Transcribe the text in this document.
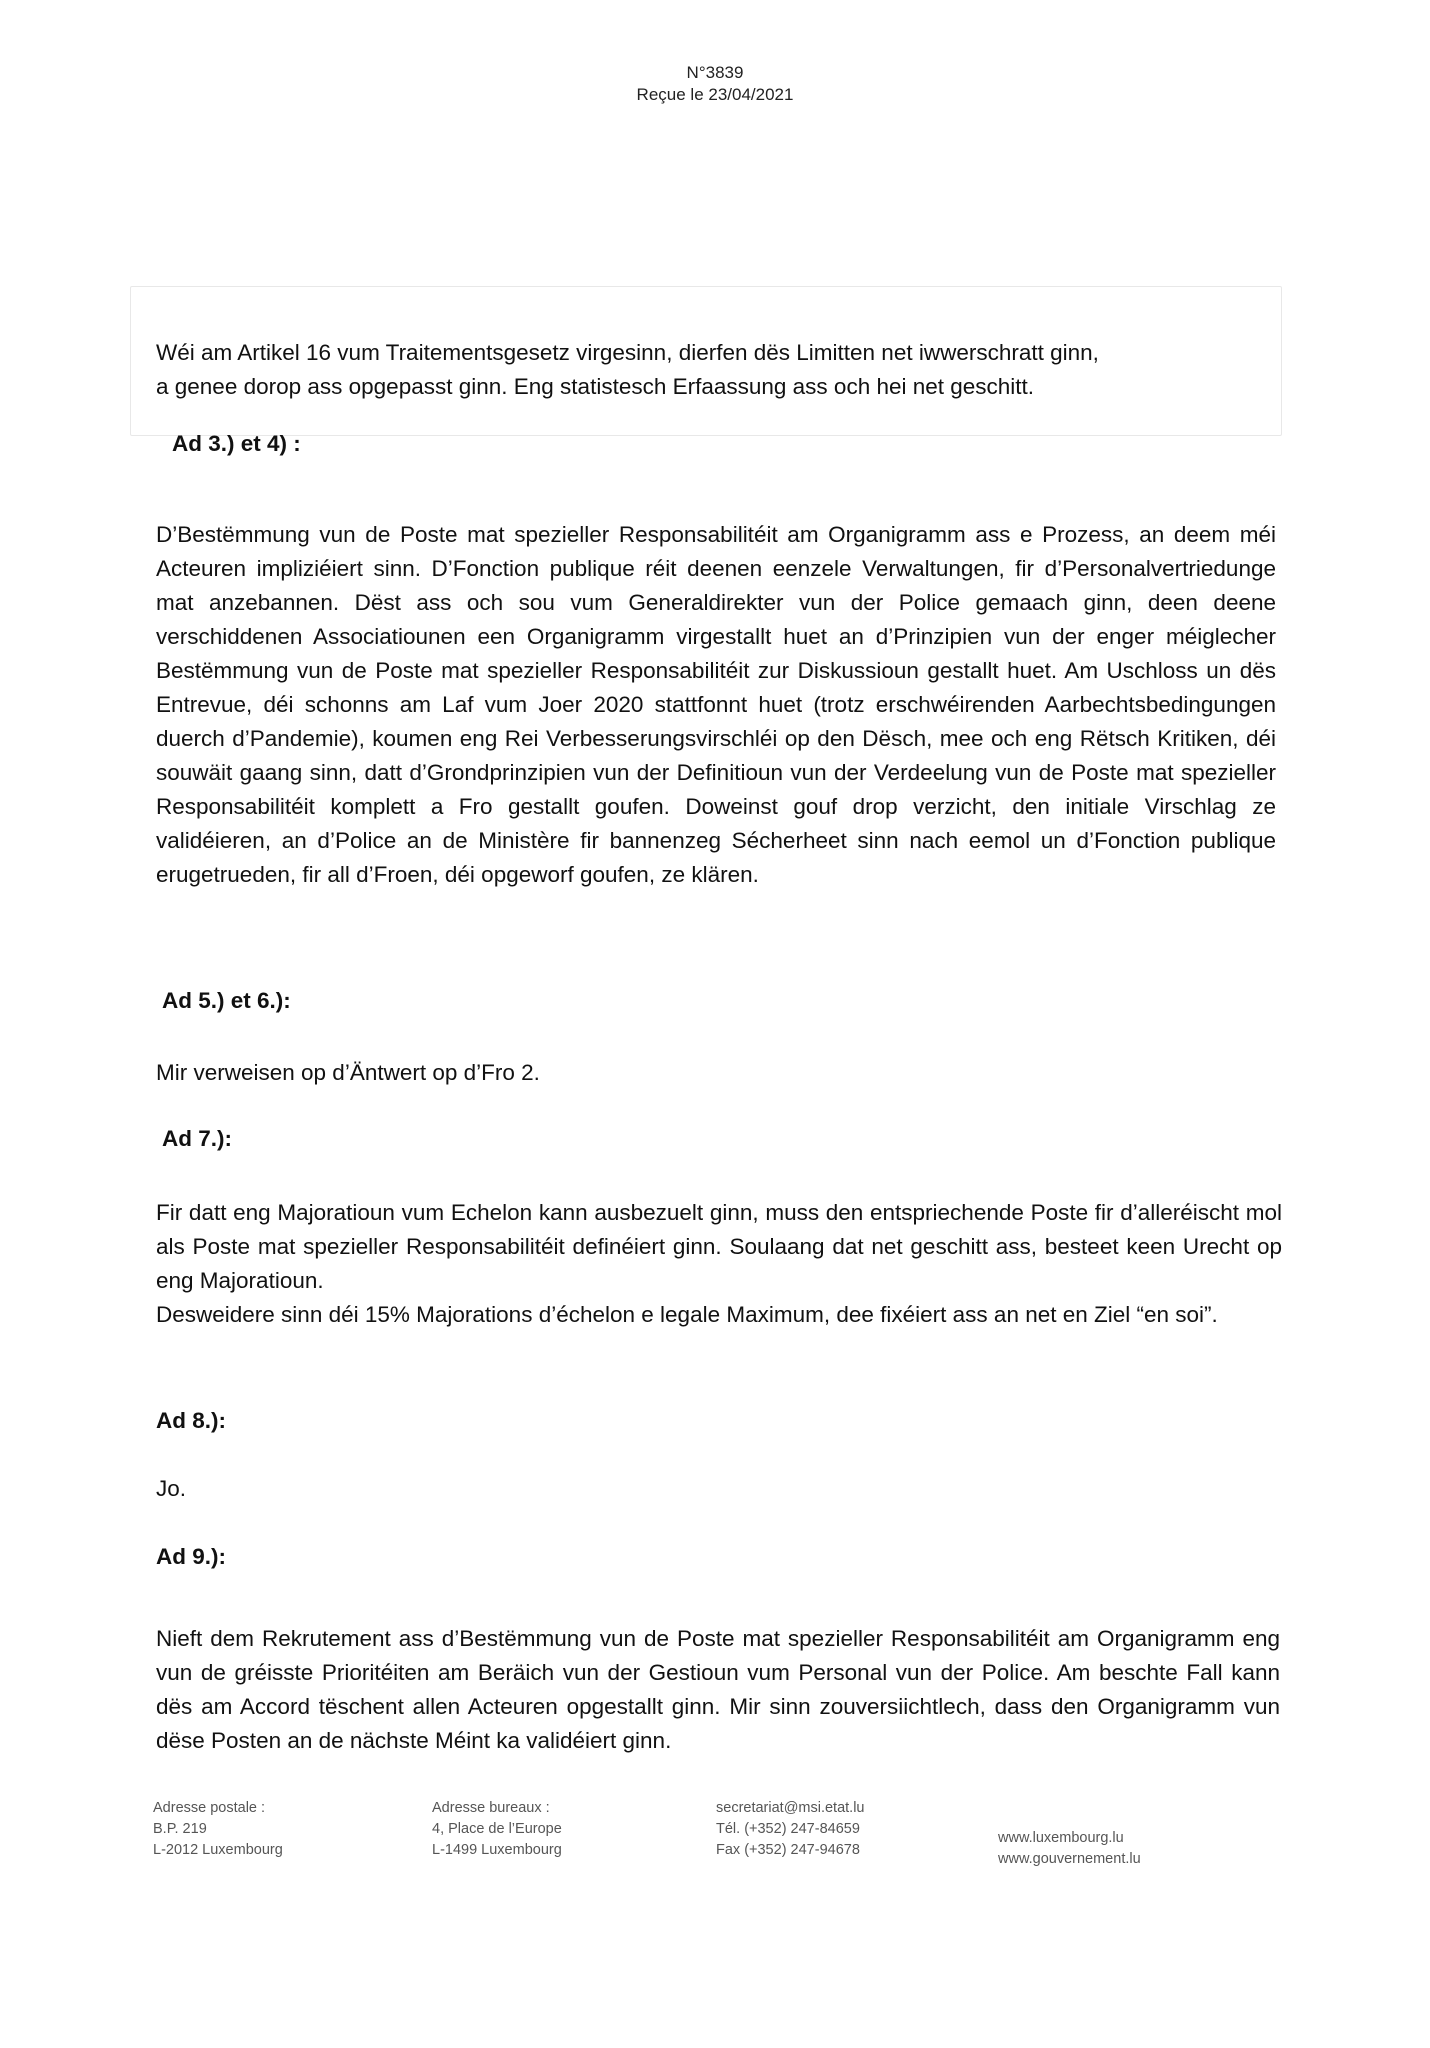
N°3839
Reçue le 23/04/2021

Wéi am Artikel 16 vum Traitementsgesetz virgesinn, dierfen dës Limitten net iwwerschratt ginn,

a genee dorop ass opgepasst ginn. Eng statistesch Erfaassung ass och hei net geschitt.

Ad 3.) et 4) :
D’Bestëmmung vun de Poste mat spezieller Responsabilitéit am Organigramm ass e Prozess, an deem méi Acteuren impliziéiert sinn. D’Fonction publique réit deenen eenzele Verwaltungen, fir d’Personalvertriedunge mat anzebannen. Dëst ass och sou vum Generaldirekter vun der Police gemaach ginn, deen deene verschiddenen Associatiounen een Organigramm virgestallt huet an d’Prinzipien vun der enger méiglecher Bestëmmung vun de Poste mat spezieller Responsabilitéit zur Diskussioun gestallt huet. Am Uschloss un dës Entrevue, déi schonns am Laf vum Joer 2020 stattfonnt huet (trotz erschwéirenden Aarbechtsbedingungen duerch d’Pandemie), koumen eng Rei Verbesserungsvirschléi op den Dësch, mee och eng Rëtsch Kritiken, déi souwäit gaang sinn, datt d’Grondprinzipien vun der Definitioun vun der Verdeelung vun de Poste mat spezieller Responsabilitéit komplett a Fro gestallt goufen. Doweinst gouf drop verzicht, den initiale Virschlag ze validéieren, an d’Police an de Ministère fir bannenzeg Sécherheet sinn nach eemol un d’Fonction publique erugetrueden, fir all d’Froen, déi opgeworf goufen, ze klären.
Ad 5.) et 6.):
Mir verweisen op d’Äntwert op d’Fro 2.
Ad 7.):

Fir datt eng Majoratioun vum Echelon kann ausbezuelt ginn, muss den entspriechende Poste fir d’alleréischt mol als Poste mat spezieller Responsabilitéit definéiert ginn. Soulaang dat net geschitt ass, besteet keen Urecht op eng Majoratioun.

Desweidere sinn déi 15% Majorations d’échelon e legale Maximum, dee fixéiert ass an net en Ziel “en soi”.

Ad 8.):
Jo.
Ad 9.):
Nieft dem Rekrutement ass d’Bestëmmung vun de Poste mat spezieller Responsabilitéit am Organigramm eng vun de gréisste Prioritéiten am Beräich vun der Gestioun vum Personal vun der Police. Am beschte Fall kann dës am Accord tëschent allen Acteuren opgestallt ginn. Mir sinn zouversiichtlech, dass den Organigramm vun dëse Posten an de nächste Méint ka validéiert ginn.

Adresse postale :

B.P. 219

L-2012 Luxembourg

Adresse bureaux :

4, Place de l’Europe

L-1499 Luxembourg

secretariat@msi.etat.lu

Tél. (+352) 247-84659

Fax (+352) 247-94678

www.luxembourg.lu

www.gouvernement.lu
